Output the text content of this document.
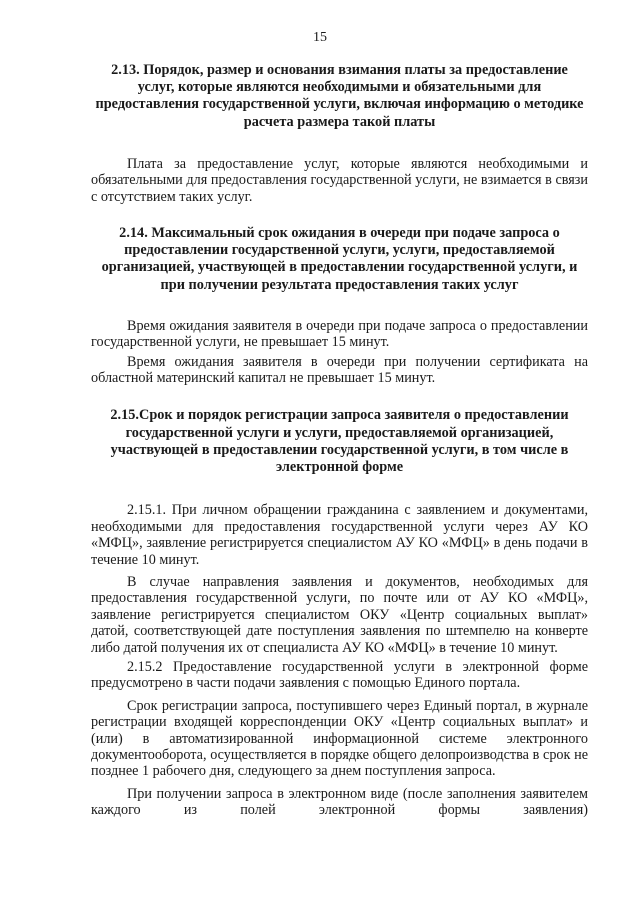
15

2.13. Порядок, размер и основания взимания платы за предоставление услуг, которые являются необходимыми и обязательными для предоставления государственной услуги, включая информацию о методике расчета размера такой платы

Плата за предоставление услуг, которые являются необходимыми и обязательными для предоставления государственной услуги, не взимается в связи с отсутствием таких услуг.

2.14. Максимальный срок ожидания в очереди при подаче запроса о предоставлении государственной услуги, услуги, предоставляемой организацией, участвующей в предоставлении государственной услуги, и при получении результата предоставления таких услуг

Время ожидания заявителя в очереди при подаче запроса о предоставлении государственной услуги, не превышает 15 минут.

Время ожидания заявителя в очереди при получении сертификата на областной материнский капитал не превышает 15 минут.

2.15.Срок и порядок регистрации запроса заявителя о предоставлении государственной услуги и услуги, предоставляемой организацией, участвующей в предоставлении государственной услуги, в том числе в электронной форме

2.15.1. При личном обращении гражданина с заявлением и документами, необходимыми для предоставления государственной услуги через АУ КО «МФЦ», заявление регистрируется специалистом АУ КО «МФЦ» в день подачи в течение 10 минут.

В случае направления заявления и документов, необходимых для предоставления государственной услуги, по почте или от АУ КО «МФЦ», заявление регистрируется специалистом ОКУ «Центр социальных выплат» датой, соответствующей дате поступления заявления по штемпелю на конверте либо датой получения их от специалиста АУ КО «МФЦ» в течение 10 минут.

2.15.2 Предоставление государственной услуги в электронной форме предусмотрено в части подачи заявления с помощью Единого портала.

Срок регистрации запроса, поступившего через Единый портал, в журнале регистрации входящей корреспонденции ОКУ «Центр социальных выплат» и (или) в автоматизированной информационной системе электронного документооборота, осуществляется в порядке общего делопроизводства в срок не позднее 1 рабочего дня, следующего за днем поступления запроса.

При получении запроса в электронном виде (после заполнения заявителем каждого из полей электронной формы заявления)
